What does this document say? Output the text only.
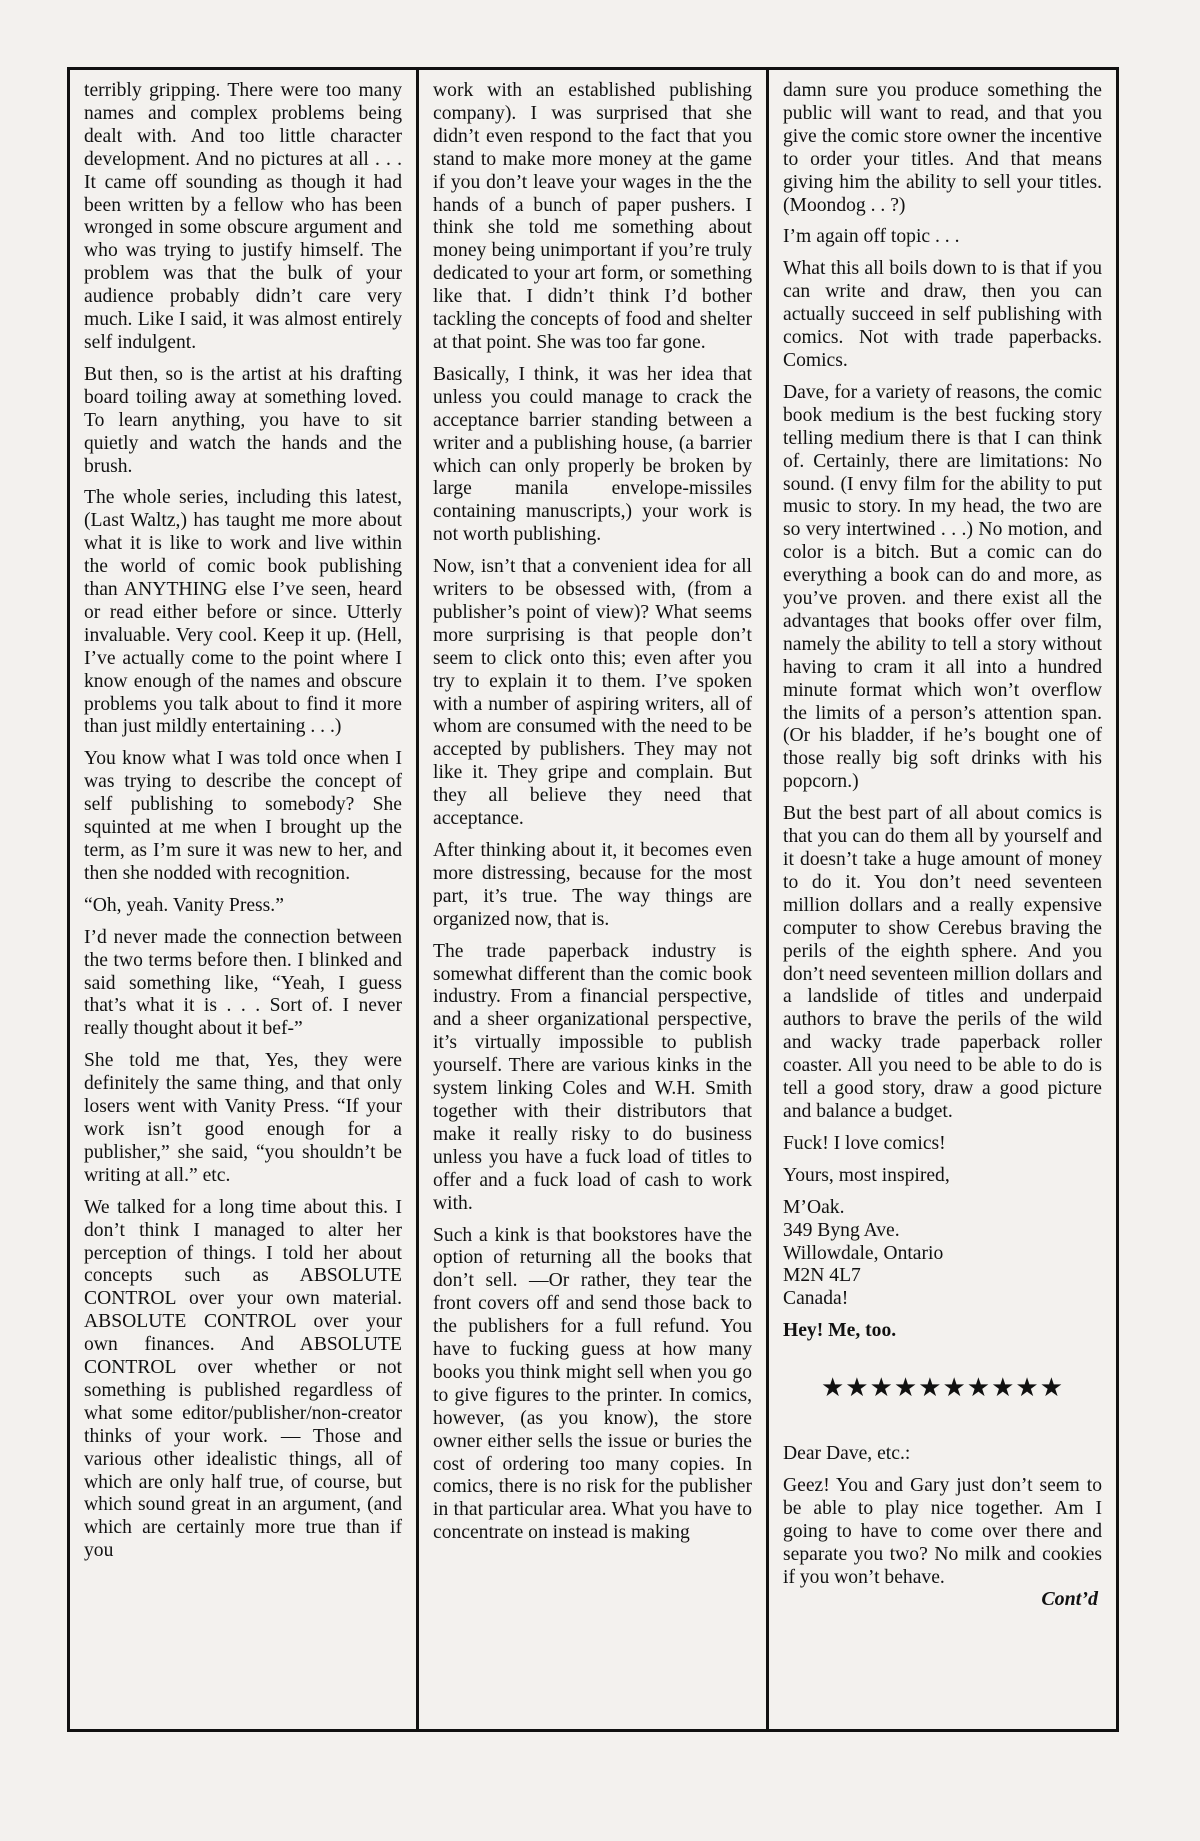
terribly gripping. There were too many names and complex problems being dealt with. And too little character development. And no pictures at all . . . It came off sounding as though it had been written by a fellow who has been wronged in some obscure argument and who was trying to justify himself. The problem was that the bulk of your audience probably didn’t care very much. Like I said, it was almost entirely self indulgent.

But then, so is the artist at his drafting board toiling away at something loved. To learn anything, you have to sit quietly and watch the hands and the brush.

The whole series, including this latest, (Last Waltz,) has taught me more about what it is like to work and live within the world of comic book publishing than ANYTHING else I’ve seen, heard or read either before or since. Utterly invaluable. Very cool. Keep it up. (Hell, I’ve actually come to the point where I know enough of the names and obscure problems you talk about to find it more than just mildly entertaining . . .)

You know what I was told once when I was trying to describe the concept of self publishing to somebody? She squinted at me when I brought up the term, as I’m sure it was new to her, and then she nodded with recognition.

“Oh, yeah. Vanity Press.”

I’d never made the connection between the two terms before then. I blinked and said something like, “Yeah, I guess that’s what it is . . . Sort of. I never really thought about it bef-”

She told me that, Yes, they were definitely the same thing, and that only losers went with Vanity Press. “If your work isn’t good enough for a publisher,” she said, “you shouldn’t be writing at all.” etc.

We talked for a long time about this. I don’t think I managed to alter her perception of things. I told her about concepts such as ABSOLUTE CONTROL over your own material. ABSOLUTE CONTROL over your own finances. And ABSOLUTE CONTROL over whether or not something is published regardless of what some editor/publisher/non-creator thinks of your work. — Those and various other idealistic things, all of which are only half true, of course, but which sound great in an argument, (and which are certainly more true than if you

work with an established publishing company). I was surprised that she didn’t even respond to the fact that you stand to make more money at the game if you don’t leave your wages in the the hands of a bunch of paper pushers. I think she told me something about money being unimportant if you’re truly dedicated to your art form, or something like that. I didn’t think I’d bother tackling the concepts of food and shelter at that point. She was too far gone.

Basically, I think, it was her idea that unless you could manage to crack the acceptance barrier standing between a writer and a publishing house, (a barrier which can only properly be broken by large manila envelope-missiles containing manuscripts,) your work is not worth publishing.

Now, isn’t that a convenient idea for all writers to be obsessed with, (from a publisher’s point of view)? What seems more surprising is that people don’t seem to click onto this; even after you try to explain it to them. I’ve spoken with a number of aspiring writers, all of whom are consumed with the need to be accepted by publishers. They may not like it. They gripe and complain. But they all believe they need that acceptance.

After thinking about it, it becomes even more distressing, because for the most part, it’s true. The way things are organized now, that is.

The trade paperback industry is somewhat different than the comic book industry. From a financial perspective, and a sheer organizational perspective, it’s virtually impossible to publish yourself. There are various kinks in the system linking Coles and W.H. Smith together with their distributors that make it really risky to do business unless you have a fuck load of titles to offer and a fuck load of cash to work with.

Such a kink is that bookstores have the option of returning all the books that don’t sell. —Or rather, they tear the front covers off and send those back to the publishers for a full refund. You have to fucking guess at how many books you think might sell when you go to give figures to the printer. In comics, however, (as you know), the store owner either sells the issue or buries the cost of ordering too many copies. In comics, there is no risk for the publisher in that particular area. What you have to concentrate on instead is making

damn sure you produce something the public will want to read, and that you give the comic store owner the incentive to order your titles. And that means giving him the ability to sell your titles. (Moondog . . ?)

I’m again off topic . . .

What this all boils down to is that if you can write and draw, then you can actually succeed in self publishing with comics. Not with trade paperbacks. Comics.

Dave, for a variety of reasons, the comic book medium is the best fucking story telling medium there is that I can think of. Certainly, there are limitations: No sound. (I envy film for the ability to put music to story. In my head, the two are so very intertwined . . .) No motion, and color is a bitch. But a comic can do everything a book can do and more, as you’ve proven. and there exist all the advantages that books offer over film, namely the ability to tell a story without having to cram it all into a hundred minute format which won’t overflow the limits of a person’s attention span. (Or his bladder, if he’s bought one of those really big soft drinks with his popcorn.)

But the best part of all about comics is that you can do them all by yourself and it doesn’t take a huge amount of money to do it. You don’t need seventeen million dollars and a really expensive computer to show Cerebus braving the perils of the eighth sphere. And you don’t need seventeen million dollars and a landslide of titles and underpaid authors to brave the perils of the wild and wacky trade paperback roller coaster. All you need to be able to do is tell a good story, draw a good picture and balance a budget.

Fuck! I love comics!

Yours, most inspired,

M’Oak.

349 Byng Ave.

Willowdale, Ontario

M2N 4L7

Canada!

Hey! Me, too.

★★★★★★★★★★

Dear Dave, etc.:

Geez! You and Gary just don’t seem to be able to play nice together. Am I going to have to come over there and separate you two? No milk and cookies if you won’t behave.

Cont’d
